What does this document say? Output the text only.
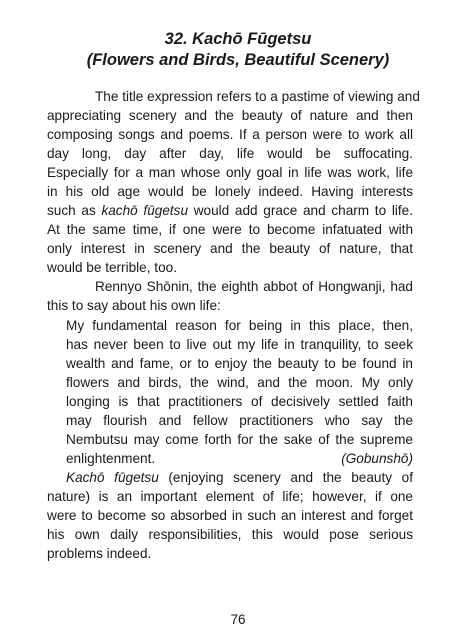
32. Kachō Fūgetsu
(Flowers and Birds, Beautiful Scenery)
The title expression refers to a pastime of viewing and
appreciating scenery and the beauty of nature and then
composing songs and poems. If a person were to work all
day long, day after day, life would be suffocating.
Especially for a man whose only goal in life was work, life
in his old age would be lonely indeed. Having interests
such as kachō fūgetsu would add grace and charm to life.
At the same time, if one were to become infatuated with
only interest in scenery and the beauty of nature, that
would be terrible, too.
Rennyo Shōnin, the eighth abbot of Hongwanji, had
this to say about his own life:
My fundamental reason for being in this place, then,
has never been to live out my life in tranquility, to seek
wealth and fame, or to enjoy the beauty to be found in
flowers and birds, the wind, and the moon. My only
longing is that practitioners of decisively settled faith
may flourish and fellow practitioners who say the
Nembutsu may come forth for the sake of the supreme
enlightenment.	(Gobunshō)
Kachō fūgetsu (enjoying scenery and the beauty of
nature) is an important element of life; however, if one
were to become so absorbed in such an interest and forget
his own daily responsibilities, this would pose serious
problems indeed.
76
